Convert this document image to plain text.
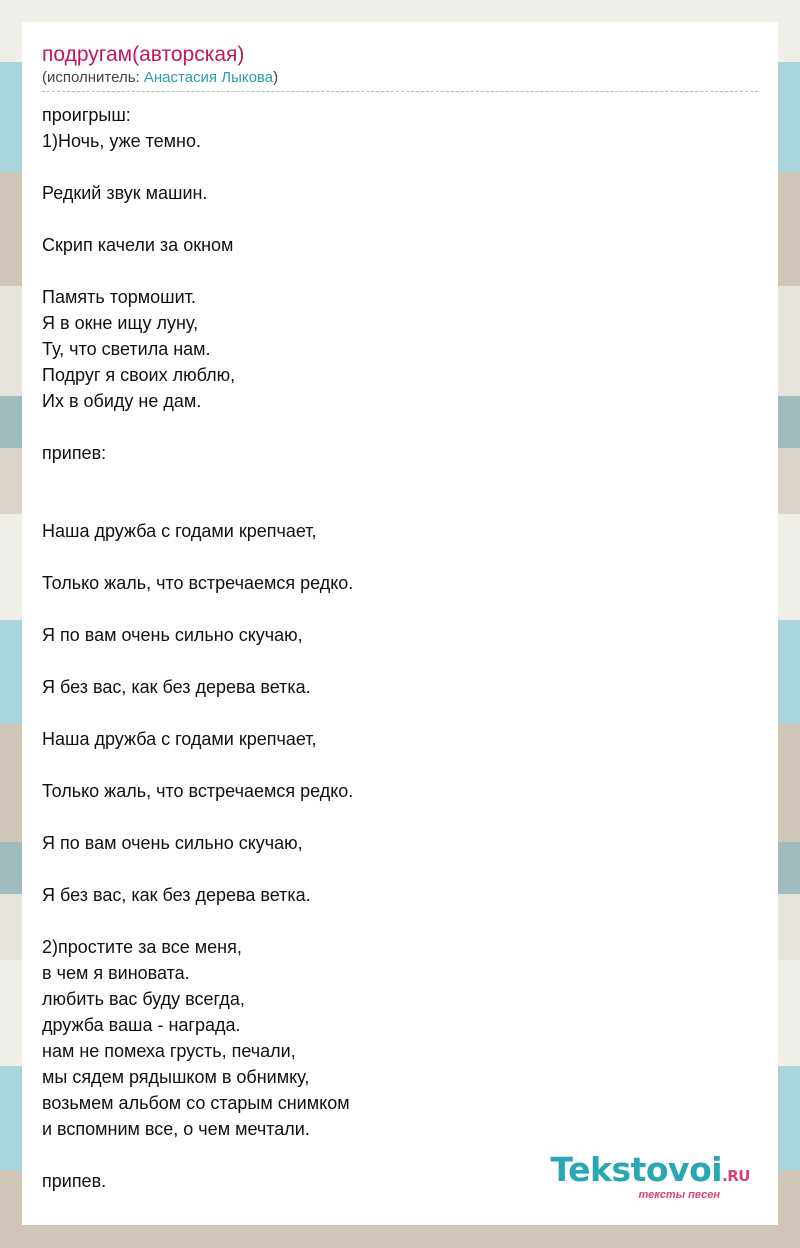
подругам(авторская)
(исполнитель: Анастасия Лыкова)
проигрыш:
1)Ночь, уже темно.
Редкий звук машин.
Скрип качели за окном
Память тормошит.
Я в окне ищу луну,
Ту, что светила нам.
Подруг я своих люблю,
Их в обиду не дам.
припев:
Наша дружба с годами крепчает,
Только жаль, что встречаемся редко.
Я по вам очень сильно скучаю,
Я без вас, как без дерева ветка.
Наша дружба с годами крепчает,
Только жаль, что встречаемся редко.
Я по вам очень сильно скучаю,
Я без вас, как без дерева ветка.
2)простите за все меня,
в чем я виновата.
любить вас буду всегда,
дружба ваша - награда.
нам не помеха грусть, печали,
мы сядем рядышком в обнимку,
возьмем альбом со старым снимком
и вспомним все, о чем мечтали.
припев.	Tekstovoi.RU
тексты песен
